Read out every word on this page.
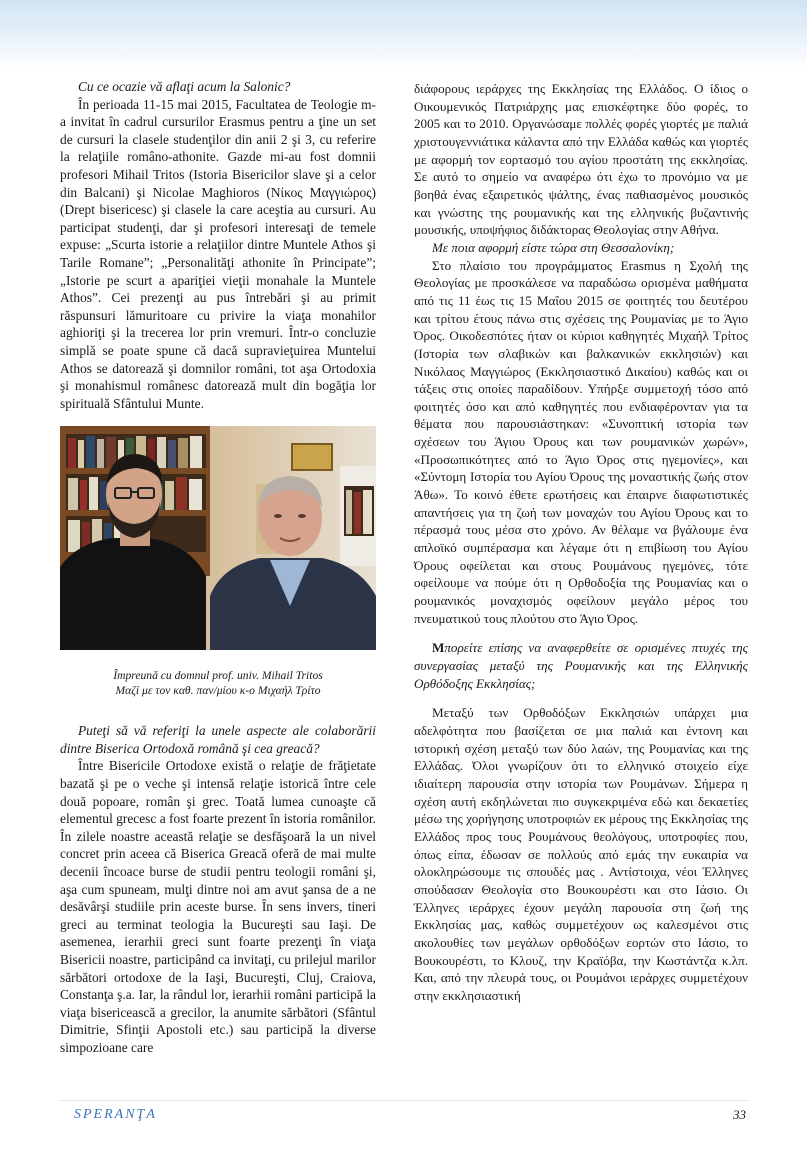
Cu ce ocazie vă aflaţi acum la Salonic?

În perioada 11-15 mai 2015, Facultatea de Teologie m-a invitat în cadrul cursurilor Erasmus pentru a ţine un set de cursuri la clasele studenţilor din anii 2 şi 3, cu referire la relaţiile româno-athonite. Gazde mi-au fost domnii profesori Mihail Tritos (Istoria Bisericilor slave şi a celor din Balcani) şi Nicolae Maghioros (Νίκος Μαγγιώρος) (Drept bisericesc) şi clasele la care aceştia au cursuri. Au participat studenţi, dar şi profesori interesaţi de temele expuse: „Scurta istorie a relaţiilor dintre Muntele Athos şi Tarile Romane”; „Personalităţi athonite în Principate”; „Istorie pe scurt a apariţiei vieţii monahale la Muntele Athos”. Cei prezenţi au pus întrebări şi au primit răspunsuri lămuritoare cu privire la viaţa monahilor aghioriţi şi la trecerea lor prin vremuri. Într-o concluzie simplă se poate spune că dacă supravieţuirea Muntelui Athos se datorează şi domnilor români, tot aşa Ortodoxia şi monahismul românesc datorează mult din bogăţia lor spirituală Sfântului Munte.

Împreună cu domnul prof. univ. Mihail Tritos
Μαζί με τον καθ. παν/μίου κ-ο Μιχαήλ Τρίτο

Puteţi să vă referiţi la unele aspecte ale colaborării dintre Biserica Ortodoxă română şi cea greacă?

Între Bisericile Ortodoxe există o relaţie de frăţietate bazată şi pe o veche şi intensă relaţie istorică între cele două popoare, român şi grec. Toată lumea cunoaşte că elementul grecesc a fost foarte prezent în istoria românilor. În zilele noastre această relaţie se desfăşoară la un nivel concret prin aceea că Biserica Greacă oferă de mai multe decenii încoace burse de studii pentru teologii români şi, aşa cum spuneam, mulţi dintre noi am avut şansa de a ne desăvârşi studiile prin aceste burse. În sens invers, tineri greci au terminat teologia la Bucureşti sau Iaşi. De asemenea, ierarhii greci sunt foarte prezenţi în viaţa Bisericii noastre, participând ca invitaţi, cu prilejul marilor sărbători ortodoxe de la Iaşi, Bucureşti, Cluj, Craiova, Constanţa ş.a. Iar, la rândul lor, ierarhii români participă la viaţa bisericească a grecilor, la anumite sărbători (Sfântul Dimitrie, Sfinţii Apostoli etc.) sau participă la diverse simpozioane care

διάφορους ιεράρχες της Εκκλησίας της Ελλάδος. Ο ίδιος ο Οικουμενικός Πατριάρχης μας επισκέφτηκε δύο φορές, το 2005 και το 2010. Οργανώσαμε πολλές φορές γιορτές με παλιά χριστουγεννιάτικα κάλαντα από την Ελλάδα καθώς και γιορτές με αφορμή τον εορτασμό του αγίου προστάτη της εκκλησίας. Σε αυτό το σημείο να αναφέρω ότι έχω το προνόμιο να με βοηθά ένας εξαιρετικός ψάλτης, ένας παθιασμένος μουσικός και γνώστης της ρουμανικής και της ελληνικής βυζαντινής μουσικής, υποψήφιος διδάκτορας Θεολογίας στην Αθήνα.

Με ποια αφορμή είστε τώρα στη Θεσσαλονίκη;

Στο πλαίσιο του προγράμματος Erasmus η Σχολή της Θεολογίας με προσκάλεσε να παραδώσω ορισμένα μαθήματα από τις 11 έως τις 15 Μαΐου 2015 σε φοιτητές του δευτέρου και τρίτου έτους πάνω στις σχέσεις της Ρουμανίας με το Άγιο Όρος. Οικοδεσπότες ήταν οι κύριοι καθηγητές Μιχαήλ Τρίτος (Ιστορία των σλαβικών και βαλκανικών εκκλησιών) και Νικόλαος Μαγγιώρος (Εκκλησιαστικό Δικαίου) καθώς και οι τάξεις στις οποίες παραδίδουν. Υπήρξε συμμετοχή τόσο από φοιτητές όσο και από καθηγητές που ενδιαφέρονταν για τα θέματα που παρουσιάστηκαν: «Συνοπτική ιστορία των σχέσεων του Άγιου Όρους και των ρουμανικών χωρών», «Προσωπικότητες από το Άγιο Όρος στις ηγεμονίες», και «Σύντομη Ιστορία του Αγίου Όρους της μοναστικής ζωής στον Άθω». Το κοινό έθετε ερωτήσεις και έπαιρνε διαφωτιστικές απαντήσεις για τη ζωή των μοναχών του Αγίου Όρους και το πέρασμά τους μέσα στο χρόνο. Αν θέλαμε να βγάλουμε ένα απλοϊκό συμπέρασμα και λέγαμε ότι η επιβίωση του Αγίου Όρους οφείλεται και στους Ρουμάνους ηγεμόνες, τότε οφείλουμε να πούμε ότι η Ορθοδοξία της Ρουμανίας και ο ρουμανικός μοναχισμός οφείλουν μεγάλο μέρος του πνευματικού τους πλούτου στο Άγιο Όρος.

Μπορείτε επίσης να αναφερθείτε σε ορισμένες πτυχές της συνεργασίας μεταξύ της Ρουμανικής και της Ελληνικής Ορθόδοξης Εκκλησίας;

Μεταξύ των Ορθοδόξων Εκκλησιών υπάρχει μια αδελφότητα που βασίζεται σε μια παλιά και έντονη και ιστορική σχέση μεταξύ των δύο λαών, της Ρουμανίας και της Ελλάδας. Όλοι γνωρίζουν ότι το ελληνικό στοιχείο είχε ιδιαίτερη παρουσία στην ιστορία των Ρουμάνων. Σήμερα η σχέση αυτή εκδηλώνεται πιο συγκεκριμένα εδώ και δεκαετίες μέσω της χορήγησης υποτροφιών εκ μέρους της Εκκλησίας της Ελλάδος προς τους Ρουμάνους θεολόγους, υποτροφίες που, όπως είπα, έδωσαν σε πολλούς από εμάς την ευκαιρία να ολοκληρώσουμε τις σπουδές μας . Αντίστοιχα, νέοι Έλληνες σπούδασαν Θεολογία στο Βουκουρέστι και στο Ιάσιο. Οι Έλληνες ιεράρχες έχουν μεγάλη παρουσία στη ζωή της Εκκλησίας μας, καθώς συμμετέχουν ως καλεσμένοι στις ακολουθίες των μεγάλων ορθοδόξων εορτών στο Ιάσιο, το Βουκουρέστι, το Κλουζ, την Κραϊόβα, την Κωστάντζα κ.λπ. Και, από την πλευρά τους, οι Ρουμάνοι ιεράρχες συμμετέχουν στην εκκλησιαστική

SPERANŢA	33
